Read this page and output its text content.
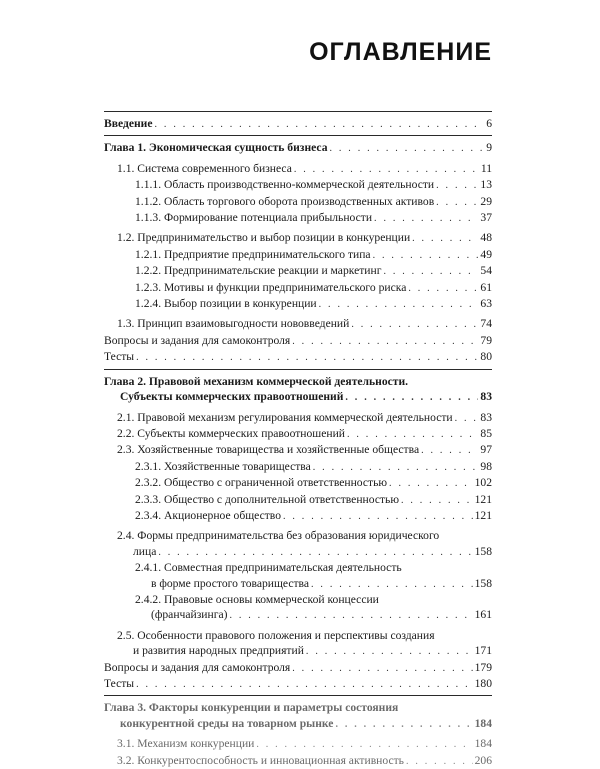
ОГЛАВЛЕНИЕ
Введение . . .	6
Глава 1. Экономическая сущность бизнеса . . .	9
1.1. Система современного бизнеса . . .	11
1.1.1. Область производственно-коммерческой деятельности . . .	13
1.1.2. Область торгового оборота производственных активов . . .	29
1.1.3. Формирование потенциала прибыльности . . .	37
1.2. Предпринимательство и выбор позиции в конкуренции . . .	48
1.2.1. Предприятие предпринимательского типа . . .	49
1.2.2. Предпринимательские реакции и маркетинг . . .	54
1.2.3. Мотивы и функции предпринимательского риска . . .	61
1.2.4. Выбор позиции в конкуренции . . .	63
1.3. Принцип взаимовыгодности нововведений . . .	74
Вопросы и задания для самоконтроля . . .	79
Тесты . . .	80
Глава 2. Правовой механизм коммерческой деятельности.
Субъекты коммерческих правоотношений . . .	83
2.1. Правовой механизм регулирования коммерческой деятельности . . . 83
2.2. Субъекты коммерческих правоотношений . . .	85
2.3. Хозяйственные товарищества и хозяйственные общества . . .	97
2.3.1. Хозяйственные товарищества . . .	98
2.3.2. Общество с ограниченной ответственностью . . .	102
2.3.3. Общество с дополнительной ответственностью . . .	121
2.3.4. Акционерное общество . . .	121
2.4. Формы предпринимательства без образования юридического
лица . . .	158
2.4.1. Совместная предпринимательская деятельность
в форме простого товарищества . . .	158
2.4.2. Правовые основы коммерческой концессии
(франчайзинга) . . .	161
2.5. Особенности правового положения и перспективы создания
и развития народных предприятий . . .	171
Вопросы и задания для самоконтроля . . .	179
Тесты . . .	180
Глава 3. Факторы конкуренции и параметры состояния
конкурентной среды на товарном рынке . . .	184
3.1. Механизм конкуренции . . .	184
3.2. Конкурентоспособность и инновационная активность . . .	206
